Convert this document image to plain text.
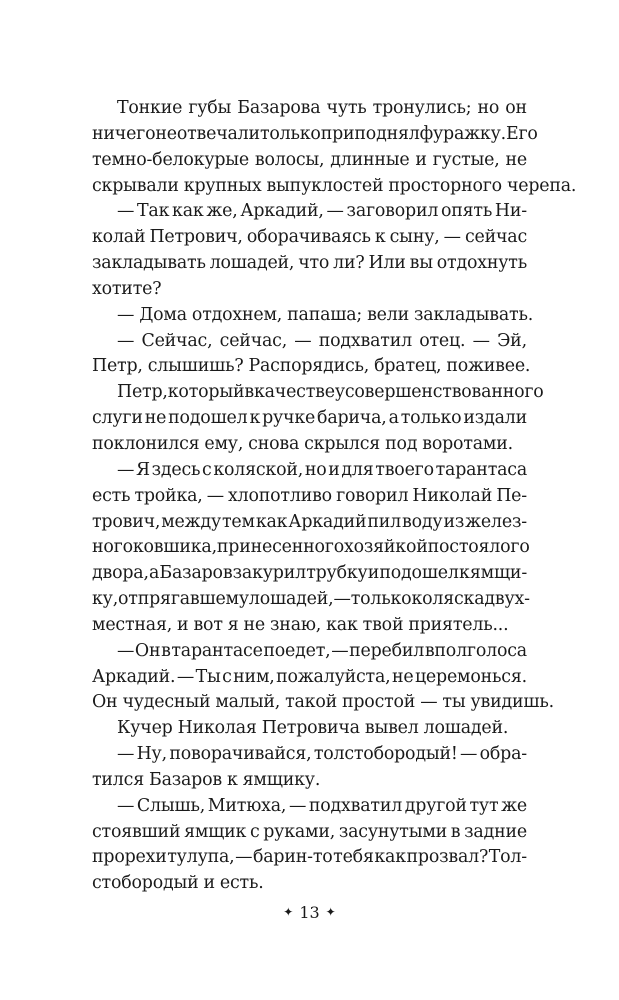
Тонкие губы Базарова чуть тронулись; но он
ничего не отвечал и только приподнял фуражку. Его
темно-белокурые волосы, длинные и густые, не
скрывали крупных выпуклостей просторного черепа.
— Так как же, Аркадий, — заговорил опять Ни-
колай Петрович, оборачиваясь к сыну, — сейчас
закладывать лошадей, что ли? Или вы отдохнуть
хотите?
— Дома отдохнем, папаша; вели закладывать.
— Сейчас, сейчас, — подхватил отец. — Эй,
Петр, слышишь? Распорядись, братец, поживее.
Петр, который в качестве усовершенствованного
слуги не подошел к ручке барича, а только издали
поклонился ему, снова скрылся под воротами.
— Я здесь с коляской, но и для твоего тарантаса
есть тройка, — хлопотливо говорил Николай Пе-
трович, между тем как Аркадий пил воду из желез-
ного ковшика, принесенного хозяйкой постоялого
двора, а Базаров закурил трубку и подошел к ямщи-
ку, отпрягавшему лошадей, — только коляска двух-
местная, и вот я не знаю, как твой приятель...
— Он в тарантасе поедет, — перебил вполголоса
Аркадий. — Ты с ним, пожалуйста, не церемонься.
Он чудесный малый, такой простой — ты увидишь.
Кучер Николая Петровича вывел лошадей.
— Ну, поворачивайся, толстобородый! — обра-
тился Базаров к ямщику.
— Слышь, Митюха, — подхватил другой тут же
стоявший ямщик с руками, засунутыми в задние
прорехи тулупа, — барин-то тебя как прозвал? Тол-
стобородый и есть.
✦ 13 ✦
